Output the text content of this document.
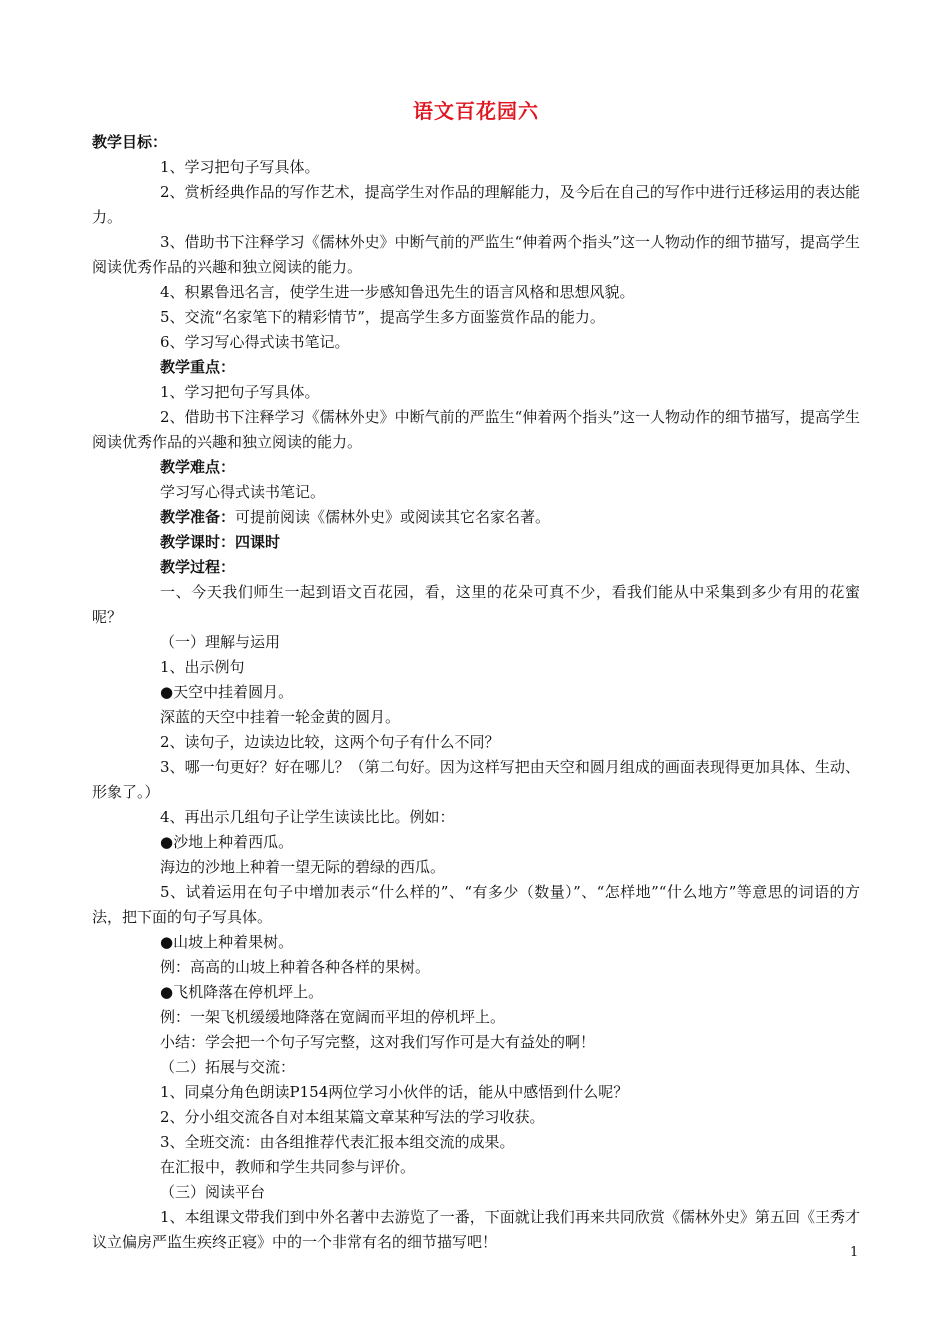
语文百花园六

教学目标：

1、学习把句子写具体。

2、赏析经典作品的写作艺术，提高学生对作品的理解能力，及今后在自己的写作中进行迁移运用的表达能力。

3、借助书下注释学习《儒林外史》中断气前的严监生“伸着两个指头”这一人物动作的细节描写，提高学生阅读优秀作品的兴趣和独立阅读的能力。

4、积累鲁迅名言，使学生进一步感知鲁迅先生的语言风格和思想风貌。

5、交流“名家笔下的精彩情节”，提高学生多方面鉴赏作品的能力。

6、学习写心得式读书笔记。

教学重点：

1、学习把句子写具体。

2、借助书下注释学习《儒林外史》中断气前的严监生“伸着两个指头”这一人物动作的细节描写，提高学生阅读优秀作品的兴趣和独立阅读的能力。

教学难点：

学习写心得式读书笔记。

教学准备：可提前阅读《儒林外史》或阅读其它名家名著。

教学课时：四课时

教学过程：

一、今天我们师生一起到语文百花园，看，这里的花朵可真不少，看我们能从中采集到多少有用的花蜜呢？

（一）理解与运用

1、出示例句

●天空中挂着圆月。

深蓝的天空中挂着一轮金黄的圆月。

2、读句子，边读边比较，这两个句子有什么不同？

3、哪一句更好？好在哪儿？（第二句好。因为这样写把由天空和圆月组成的画面表现得更加具体、生动、形象了。）

4、再出示几组句子让学生读读比比。例如：

●沙地上种着西瓜。

海边的沙地上种着一望无际的碧绿的西瓜。

5、试着运用在句子中增加表示“什么样的”、“有多少（数量）”、“怎样地”“什么地方”等意思的词语的方法，把下面的句子写具体。

●山坡上种着果树。

例：高高的山坡上种着各种各样的果树。

●飞机降落在停机坪上。

例：一架飞机缓缓地降落在宽阔而平坦的停机坪上。

小结：学会把一个句子写完整，这对我们写作可是大有益处的啊！

（二）拓展与交流：

1、同桌分角色朗读P154两位学习小伙伴的话，能从中感悟到什么呢？

2、分小组交流各自对本组某篇文章某种写法的学习收获。

3、全班交流：由各组推荐代表汇报本组交流的成果。

在汇报中，教师和学生共同参与评价。

（三）阅读平台

1、本组课文带我们到中外名著中去游览了一番，下面就让我们再来共同欣赏《儒林外史》第五回《王秀才议立偏房严监生疾终正寝》中的一个非常有名的细节描写吧！

1
